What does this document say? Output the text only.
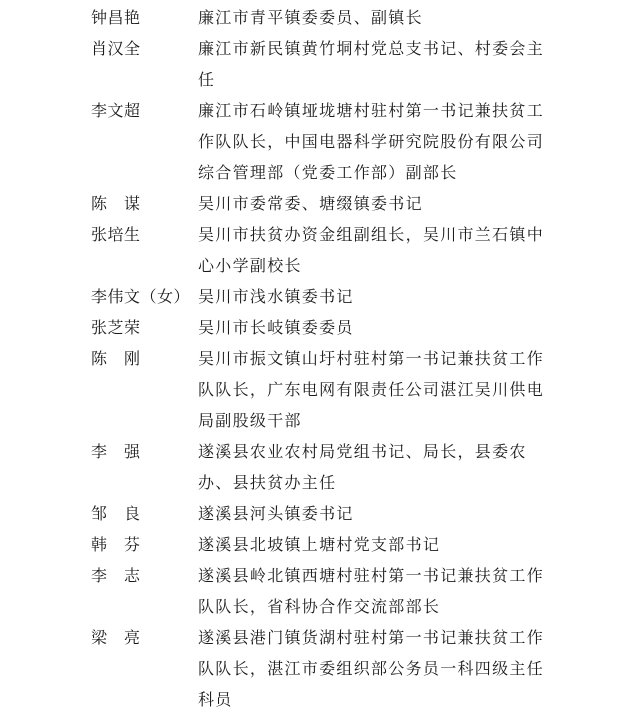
钟昌艳	廉江市青平镇委委员、副镇长
肖汉全	廉江市新民镇黄竹垌村党总支书记、村委会主任
李文超	廉江市石岭镇垭垅塘村驻村第一书记兼扶贫工作队队长，中国电器科学研究院股份有限公司综合管理部（党委工作部）副部长
陈　谋	吴川市委常委、塘缀镇委书记
张培生	吴川市扶贫办资金组副组长，吴川市兰石镇中心小学副校长
李伟文（女） 吴川市浅水镇委书记
张芝荣	吴川市长岐镇委委员
陈　刚	吴川市振文镇山圩村驻村第一书记兼扶贫工作队队长，广东电网有限责任公司湛江吴川供电局副股级干部
李　强	遂溪县农业农村局党组书记、局长，县委农办、县扶贫办主任
邹　良	遂溪县河头镇委书记
韩　芬	遂溪县北坡镇上塘村党支部书记
李　志	遂溪县岭北镇西塘村驻村第一书记兼扶贫工作队队长，省科协合作交流部部长
梁　亮	遂溪县港门镇货湖村驻村第一书记兼扶贫工作队队长，湛江市委组织部公务员一科四级主任科员
